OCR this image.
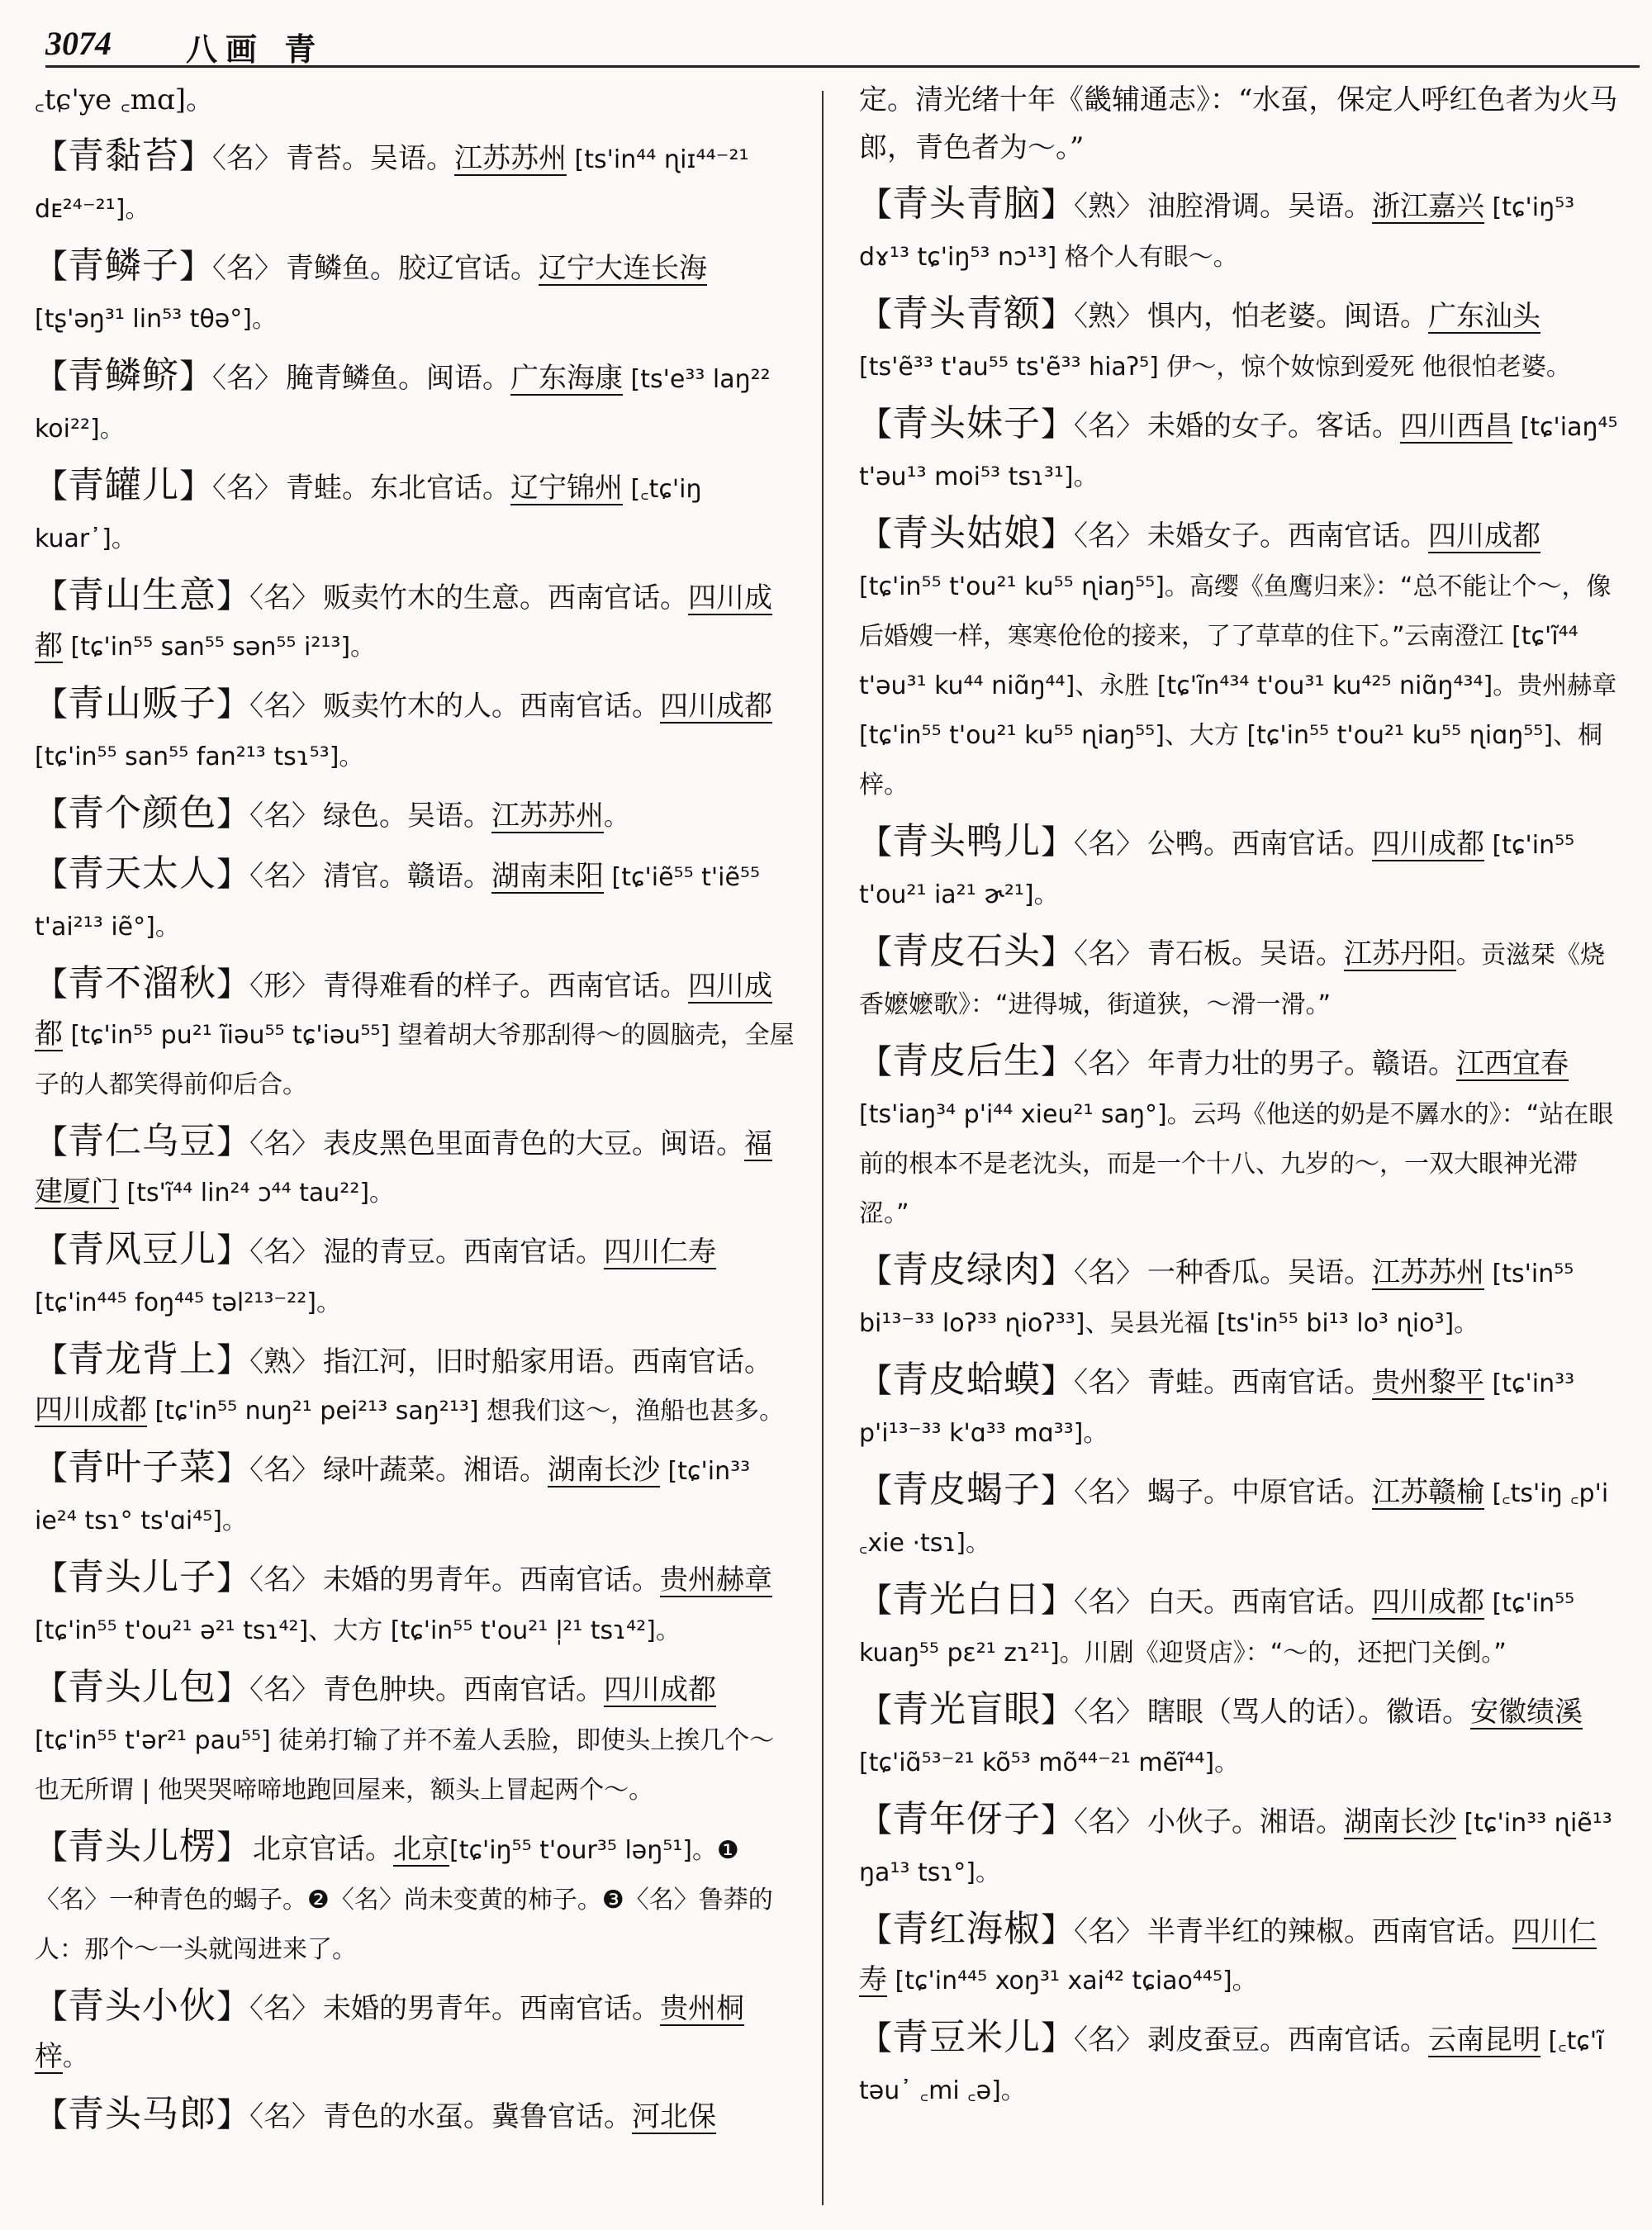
3074 八画 青
꜀tɕ'ye ꜀mɑ]。
【青黏苔】〈名〉 青苔。吴语。江苏苏州 [ts'in⁴⁴ ɳiɪ⁴⁴⁻²¹ dᴇ²⁴⁻²¹]。
【青鳞子】〈名〉 青鳞鱼。胶辽官话。辽宁大连长海 [tʂ'əŋ³¹ lin⁵³ tθə°]。
【青鳞鲚】〈名〉 腌青鳞鱼。闽语。广东海康 [ts'e³³ laŋ²² koi²²]。
【青罐儿】〈名〉 青蛙。东北官话。辽宁锦州 [꜀tɕ'iŋ kuar᾿]。
【青山生意】〈名〉 贩卖竹木的生意。西南官话。四川成都 [tɕ'in⁵⁵ san⁵⁵ sən⁵⁵ i²¹³]。
【青山贩子】〈名〉 贩卖竹木的人。西南官话。四川成都 [tɕ'in⁵⁵ san⁵⁵ fan²¹³ tsɿ⁵³]。
【青个颜色】〈名〉 绿色。吴语。江苏苏州。
【青天太人】〈名〉 清官。赣语。湖南耒阳 [tɕ'iẽ⁵⁵ t'iẽ⁵⁵ t'ai²¹³ iẽ°]。
【青不溜秋】〈形〉 青得难看的样子。西南官话。四川成都 [tɕ'in⁵⁵ pu²¹ ĩiəu⁵⁵ tɕ'iəu⁵⁵] 望着胡大爷那刮得～的圆脑壳，全屋子的人都笑得前仰后合。
【青仁乌豆】〈名〉 表皮黑色里面青色的大豆。闽语。福建厦门 [ts'ĩ⁴⁴ lin²⁴ ɔ⁴⁴ tau²²]。
【青风豆儿】〈名〉 湿的青豆。西南官话。四川仁寿 [tɕ'in⁴⁴⁵ foŋ⁴⁴⁵ təl²¹³⁻²²]。
【青龙背上】〈熟〉 指江河，旧时船家用语。西南官话。四川成都 [tɕ'in⁵⁵ nuŋ²¹ pei²¹³ saŋ²¹³] 想我们这～，渔船也甚多。
【青叶子菜】〈名〉 绿叶蔬菜。湘语。湖南长沙 [tɕ'in³³ ie²⁴ tsɿ° ts'ɑi⁴⁵]。
【青头儿子】〈名〉 未婚的男青年。西南官话。贵州赫章 [tɕ'in⁵⁵ t'ou²¹ ə²¹ tsɿ⁴²]、大方 [tɕ'in⁵⁵ t'ou²¹ l̩²¹ tsɿ⁴²]。
【青头儿包】〈名〉 青色肿块。西南官话。四川成都 [tɕ'in⁵⁵ t'ər²¹ pau⁵⁵] 徒弟打输了并不羞人丢脸，即使头上挨几个～也无所谓 | 他哭哭啼啼地跑回屋来，额头上冒起两个～。
【青头儿楞】 北京官话。北京[tɕ'iŋ⁵⁵ t'our³⁵ ləŋ⁵¹]。❶〈名〉一种青色的蝎子。❷〈名〉尚未变黄的柿子。❸〈名〉鲁莽的人：那个～一头就闯进来了。
【青头小伙】〈名〉 未婚的男青年。西南官话。贵州桐梓。
【青头马郎】〈名〉 青色的水虿。冀鲁官话。河北保
定。清光绪十年《畿辅通志》：“水虿，保定人呼红色者为火马郎，青色者为～。”
【青头青脑】〈熟〉 油腔滑调。吴语。浙江嘉兴 [tɕ'iŋ⁵³ dɤ¹³ tɕ'iŋ⁵³ nɔ¹³] 格个人有眼～。
【青头青额】〈熟〉 惧内，怕老婆。闽语。广东汕头 [ts'ẽ³³ t'au⁵⁵ ts'ẽ³³ hiaʔ⁵] 伊～，惊个奻惊到爱死 他很怕老婆。
【青头妹子】〈名〉 未婚的女子。客话。四川西昌 [tɕ'iaŋ⁴⁵ t'əu¹³ moi⁵³ tsɿ³¹]。
【青头姑娘】〈名〉 未婚女子。西南官话。四川成都 [tɕ'in⁵⁵ t'ou²¹ ku⁵⁵ ɳiaŋ⁵⁵]。高缨《鱼鹰归来》：“总不能让个～，像后婚嫂一样，寒寒伧伧的接来，了了草草的住下。”云南澄江 [tɕ'ĩ⁴⁴ t'əu³¹ ku⁴⁴ niɑ̃ŋ⁴⁴]、永胜 [tɕ'ĩn⁴³⁴ t'ou³¹ ku⁴²⁵ niɑ̃ŋ⁴³⁴]。贵州赫章 [tɕ'in⁵⁵ t'ou²¹ ku⁵⁵ ɳiaŋ⁵⁵]、大方 [tɕ'in⁵⁵ t'ou²¹ ku⁵⁵ ɳiɑŋ⁵⁵]、桐梓。
【青头鸭儿】〈名〉 公鸭。西南官话。四川成都 [tɕ'in⁵⁵ t'ou²¹ ia²¹ ɚ²¹]。
【青皮石头】〈名〉 青石板。吴语。江苏丹阳。贡滋栞《烧香嬷嬷歌》：“进得城，街道狭，～滑一滑。”
【青皮后生】〈名〉 年青力壮的男子。赣语。江西宜春 [ts'iaŋ³⁴ p'i⁴⁴ xieu²¹ saŋ°]。云玛《他送的奶是不羼水的》：“站在眼前的根本不是老沈头，而是一个十八、九岁的～，一双大眼神光滞涩。”
【青皮绿肉】〈名〉 一种香瓜。吴语。江苏苏州 [ts'in⁵⁵ bi¹³⁻³³ loʔ³³ ɳioʔ³³]、吴县光福 [ts'in⁵⁵ bi¹³ lo³ ɳio³]。
【青皮蛤蟆】〈名〉 青蛙。西南官话。贵州黎平 [tɕ'in³³ p'i¹³⁻³³ k'ɑ³³ mɑ³³]。
【青皮蝎子】〈名〉 蝎子。中原官话。江苏赣榆 [꜀ts'iŋ ꜀p'i ꜀xie ·tsɿ]。
【青光白日】〈名〉 白天。西南官话。四川成都 [tɕ'in⁵⁵ kuaŋ⁵⁵ pɛ²¹ zɿ²¹]。川剧《迎贤店》：“～的，还把门关倒。”
【青光盲眼】〈名〉 瞎眼（骂人的话）。徽语。安徽绩溪 [tɕ'iɑ̃⁵³⁻²¹ kõ⁵³ mõ⁴⁴⁻²¹ mẽĩ⁴⁴]。
【青年伢子】〈名〉 小伙子。湘语。湖南长沙 [tɕ'in³³ ɳiẽ¹³ ŋa¹³ tsɿ°]。
【青红海椒】〈名〉 半青半红的辣椒。西南官话。四川仁寿 [tɕ'in⁴⁴⁵ xoŋ³¹ xai⁴² tɕiao⁴⁴⁵]。
【青豆米儿】〈名〉 剥皮蚕豆。西南官话。云南昆明 [꜀tɕ'ĩ təu᾿ ꜀mi ꜀ə]。
